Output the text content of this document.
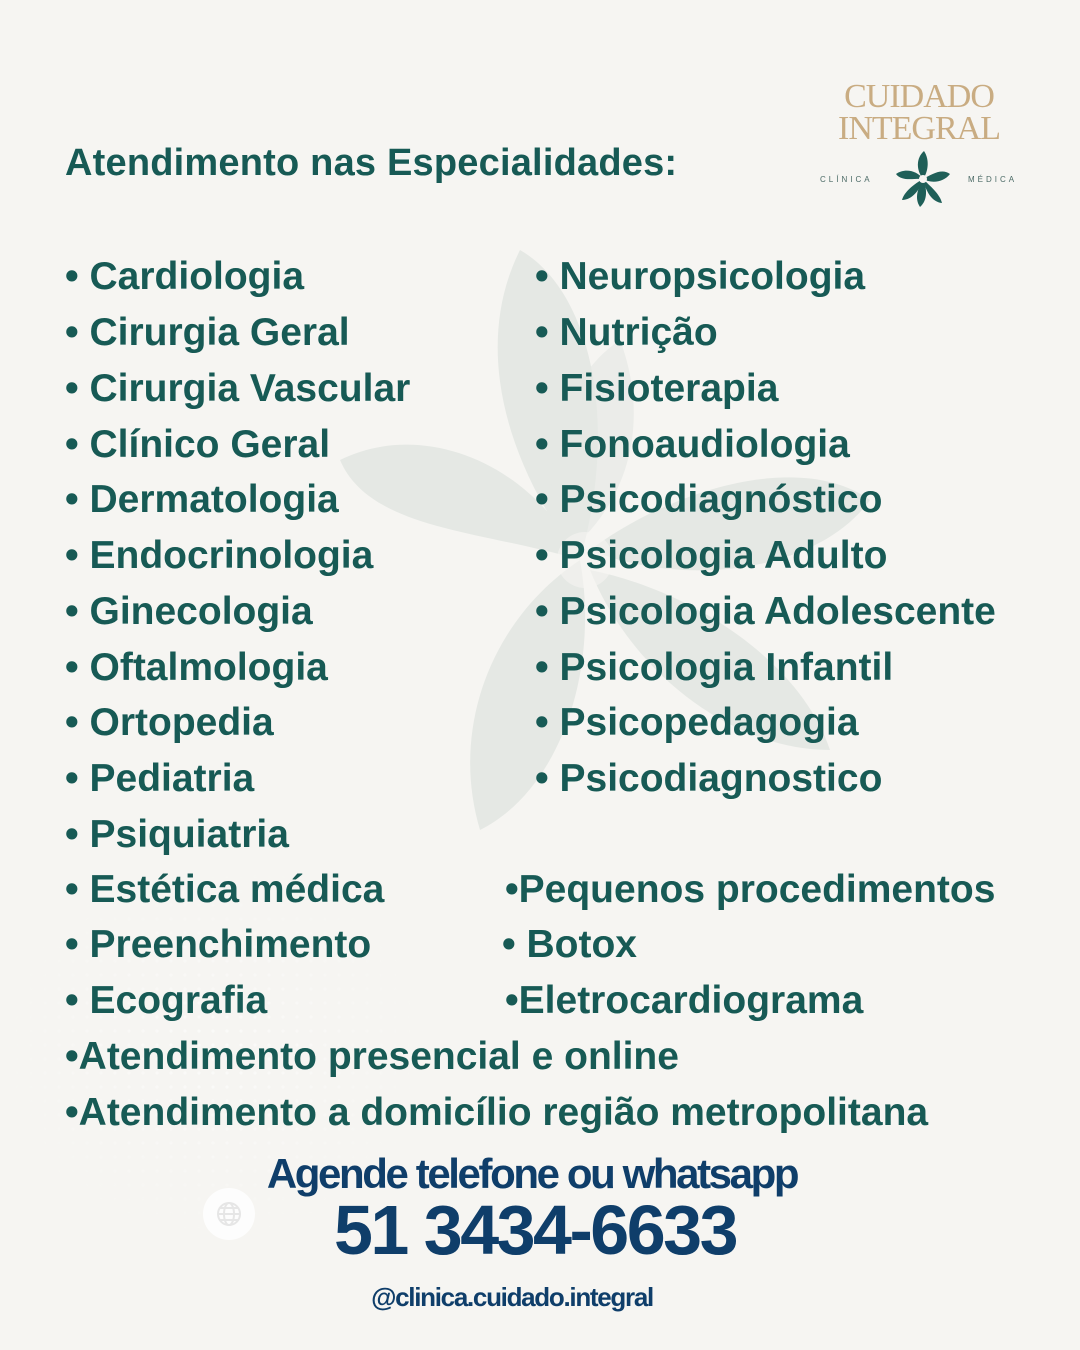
Atendimento nas Especialidades:
CUIDADO
INTEGRAL
CLÍNICA	MÉDICA

• Cardiologia

• Cirurgia Geral

• Cirurgia Vascular

• Clínico Geral

• Dermatologia

• Endocrinologia

• Ginecologia

• Oftalmologia

• Ortopedia

• Pediatria

• Psiquiatria

• Estética médica

• Preenchimento

• Ecografia

• Neuropsicologia

• Nutrição

• Fisioterapia

• Fonoaudiologia

• Psicodiagnóstico

• Psicologia Adulto

• Psicologia Adolescente

• Psicologia Infantil

• Psicopedagogia

• Psicodiagnostico

•Pequenos procedimentos

• Botox

•Eletrocardiograma

•Atendimento presencial e online

•Atendimento a domicílio região metropolitana

Agende telefone ou whatsapp

51 3434-6633

@clinica.cuidado.integral
